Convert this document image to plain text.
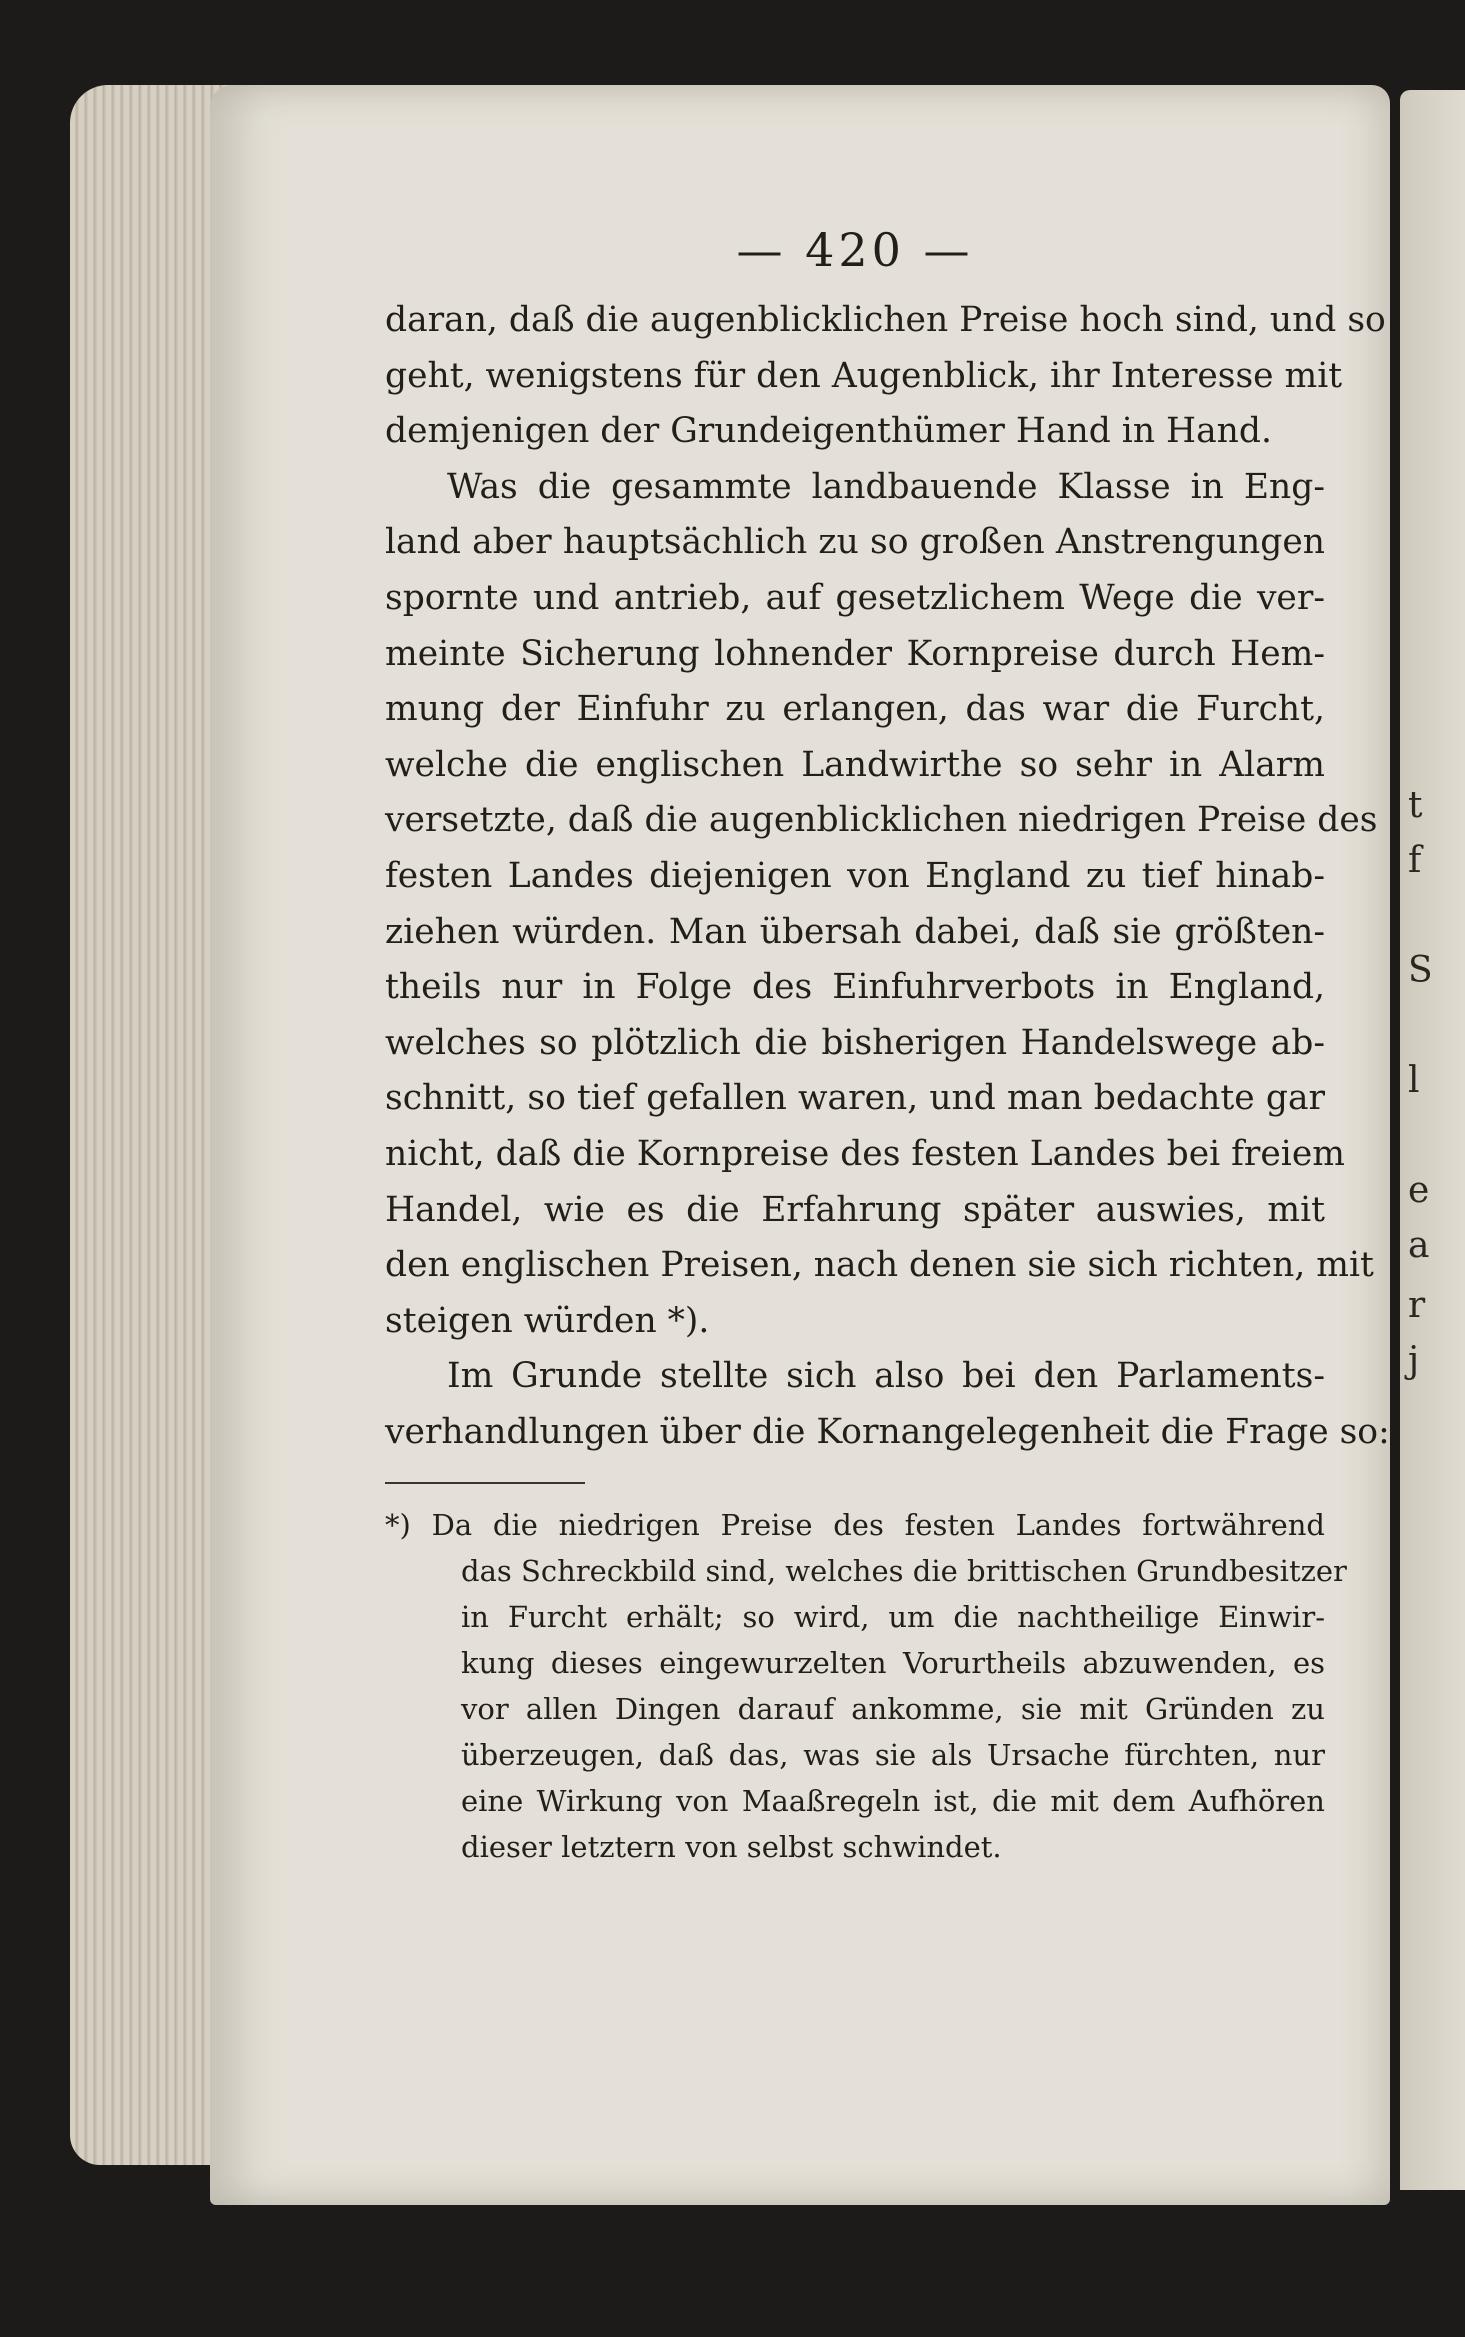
t
f
S
l
e
a
r
j
— 420 —
daran, daß die augenblicklichen Preise hoch sind, und so
geht, wenigstens für den Augenblick, ihr Interesse mit
demjenigen der Grundeigenthümer Hand in Hand.
Was die gesammte landbauende Klasse in Eng-
land aber hauptsächlich zu so großen Anstrengungen
spornte und antrieb, auf gesetzlichem Wege die ver-
meinte Sicherung lohnender Kornpreise durch Hem-
mung der Einfuhr zu erlangen, das war die Furcht,
welche die englischen Landwirthe so sehr in Alarm
versetzte, daß die augenblicklichen niedrigen Preise des
festen Landes diejenigen von England zu tief hinab-
ziehen würden. Man übersah dabei, daß sie größten-
theils nur in Folge des Einfuhrverbots in England,
welches so plötzlich die bisherigen Handelswege ab-
schnitt, so tief gefallen waren, und man bedachte gar
nicht, daß die Kornpreise des festen Landes bei freiem
Handel, wie es die Erfahrung später auswies, mit
den englischen Preisen, nach denen sie sich richten, mit
steigen würden *).
Im Grunde stellte sich also bei den Parlaments-
verhandlungen über die Kornangelegenheit die Frage so:
*) Da die niedrigen Preise des festen Landes fortwährend
das Schreckbild sind, welches die brittischen Grundbesitzer
in Furcht erhält; so wird, um die nachtheilige Einwir-
kung dieses eingewurzelten Vorurtheils abzuwenden, es
vor allen Dingen darauf ankomme, sie mit Gründen zu
überzeugen, daß das, was sie als Ursache fürchten, nur
eine Wirkung von Maaßregeln ist, die mit dem Aufhören
dieser letztern von selbst schwindet.
